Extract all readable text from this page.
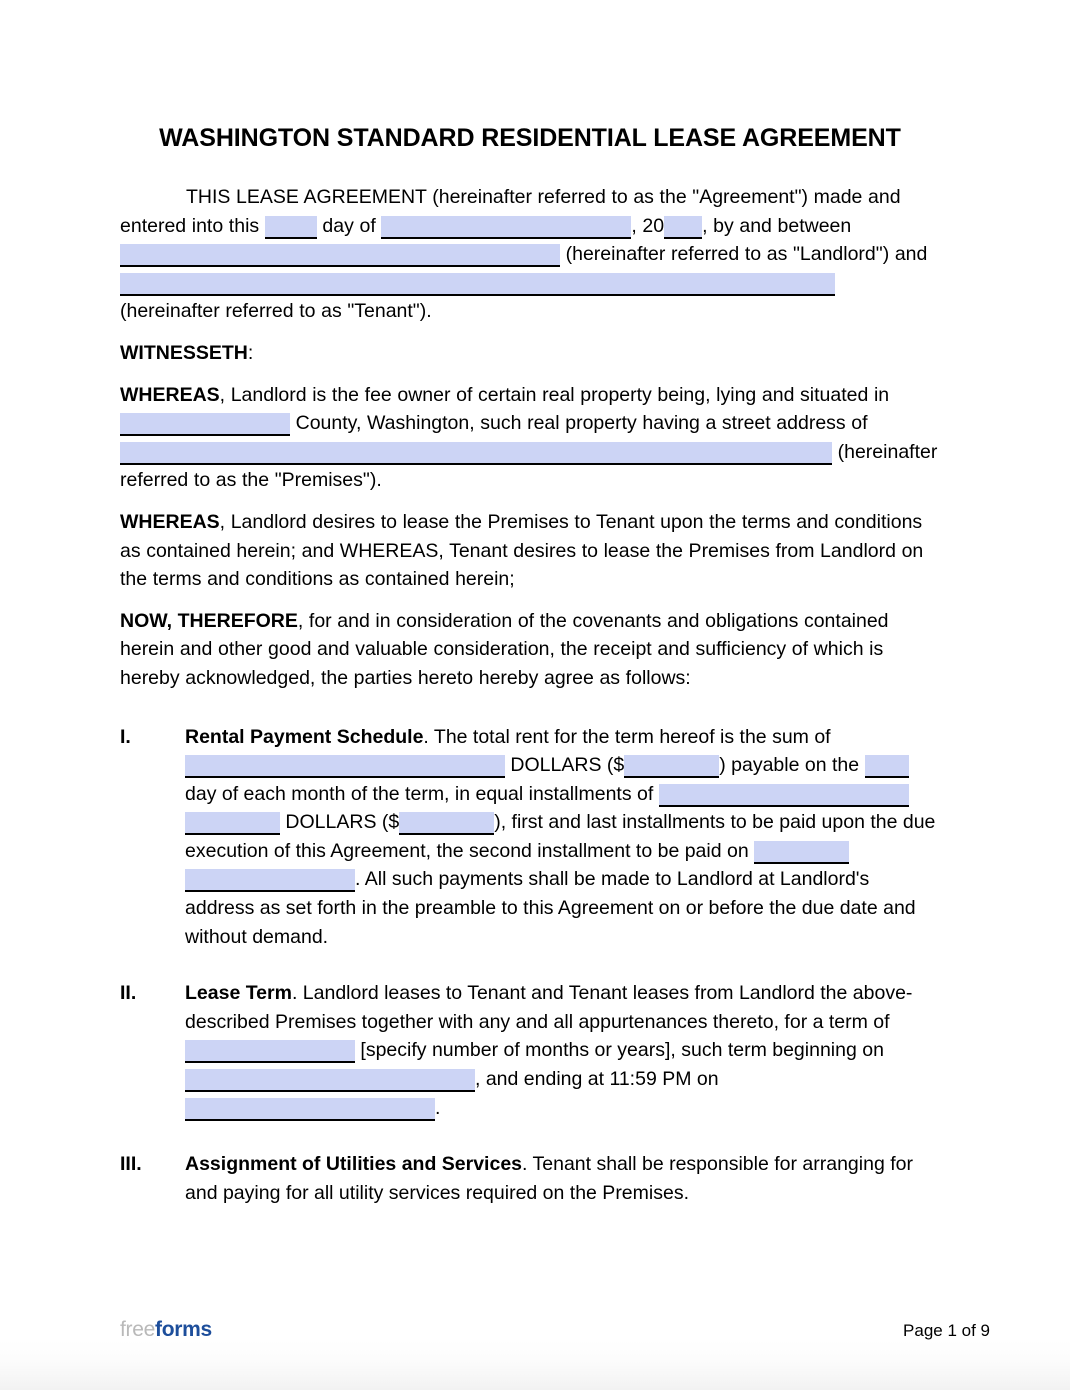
WASHINGTON STANDARD RESIDENTIAL LEASE AGREEMENT

THIS LEASE AGREEMENT (hereinafter referred to as the "Agreement") made and entered into this	day of	, 20 , by and between  (hereinafter referred to as "Landlord") and  (hereinafter referred to as "Tenant").

WITNESSETH:

WHEREAS, Landlord is the fee owner of certain real property being, lying and situated in  County, Washington, such real property having a street address of  (hereinafter referred to as the "Premises").

WHEREAS, Landlord desires to lease the Premises to Tenant upon the terms and conditions as contained herein; and WHEREAS, Tenant desires to lease the Premises from Landlord on the terms and conditions as contained herein;

NOW, THEREFORE, for and in consideration of the covenants and obligations contained herein and other good and valuable consideration, the receipt and sufficiency of which is hereby acknowledged, the parties hereto hereby agree as follows:

I.	Rental Payment Schedule. The total rent for the term hereof is the sum of  DOLLARS ($	) payable on the  day of each month of the term, in equal installments of   DOLLARS ($	), first and last installments to be paid upon the due execution of this Agreement, the second installment to be paid on  . All such payments shall be made to Landlord at Landlord's address as set forth in the preamble to this Agreement on or before the due date and without demand.
II.	Lease Term. Landlord leases to Tenant and Tenant leases from Landlord the above-described Premises together with any and all appurtenances thereto, for a term of  [specify number of months or years], such term beginning on , and ending at 11:59 PM on .
III.	Assignment of Utilities and Services. Tenant shall be responsible for arranging for and paying for all utility services required on the Premises.
freeforms	Page 1 of 9
